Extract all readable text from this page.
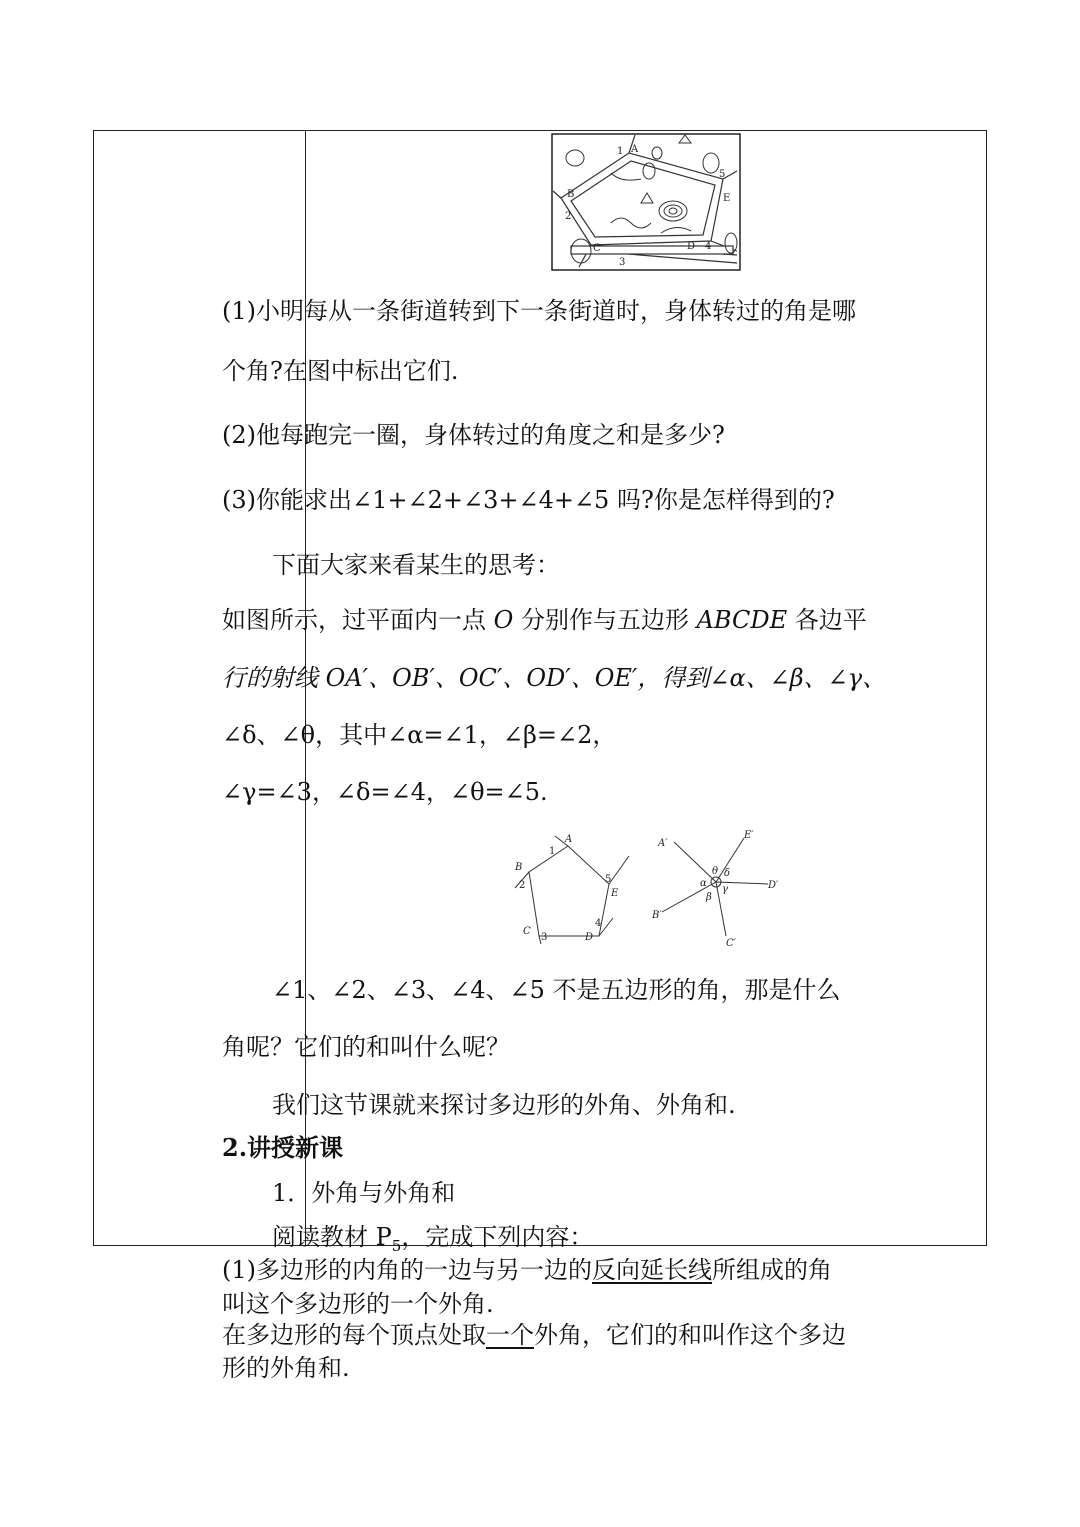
1 A
5
E
B
2
C
3
D 4
(1)小明每从一条街道转到下一条街道时，身体转过的角是哪
个角?在图中标出它们.
(2)他每跑完一圈，身体转过的角度之和是多少?
(3)你能求出∠1+∠2+∠3+∠4+∠5 吗?你是怎样得到的?
下面大家来看某生的思考：
如图所示，过平面内一点 O 分别作与五边形 ABCDE 各边平
行的射线 OA′、OB′、OC′、OD′、OE′，得到∠α、∠β、∠γ、
∠δ、∠θ，其中∠α=∠1，∠β=∠2，
∠γ=∠3，∠δ=∠4，∠θ=∠5.
A
1
B
2
C
3	D
4
E
5
A′
E′
D′
C′
B′
θ
α
δ
γ
β
∠1、∠2、∠3、∠4、∠5 不是五边形的角，那是什么
角呢？它们的和叫什么呢？
我们这节课就来探讨多边形的外角、外角和.
2.讲授新课
1．外角与外角和
阅读教材 $P_5$，完成下列内容：
(1)多边形的内角的一边与另一边的反向延长线所组成的角
叫这个多边形的一个外角.
在多边形的每个顶点处取一个外角，它们的和叫作这个多边
形的外角和.
